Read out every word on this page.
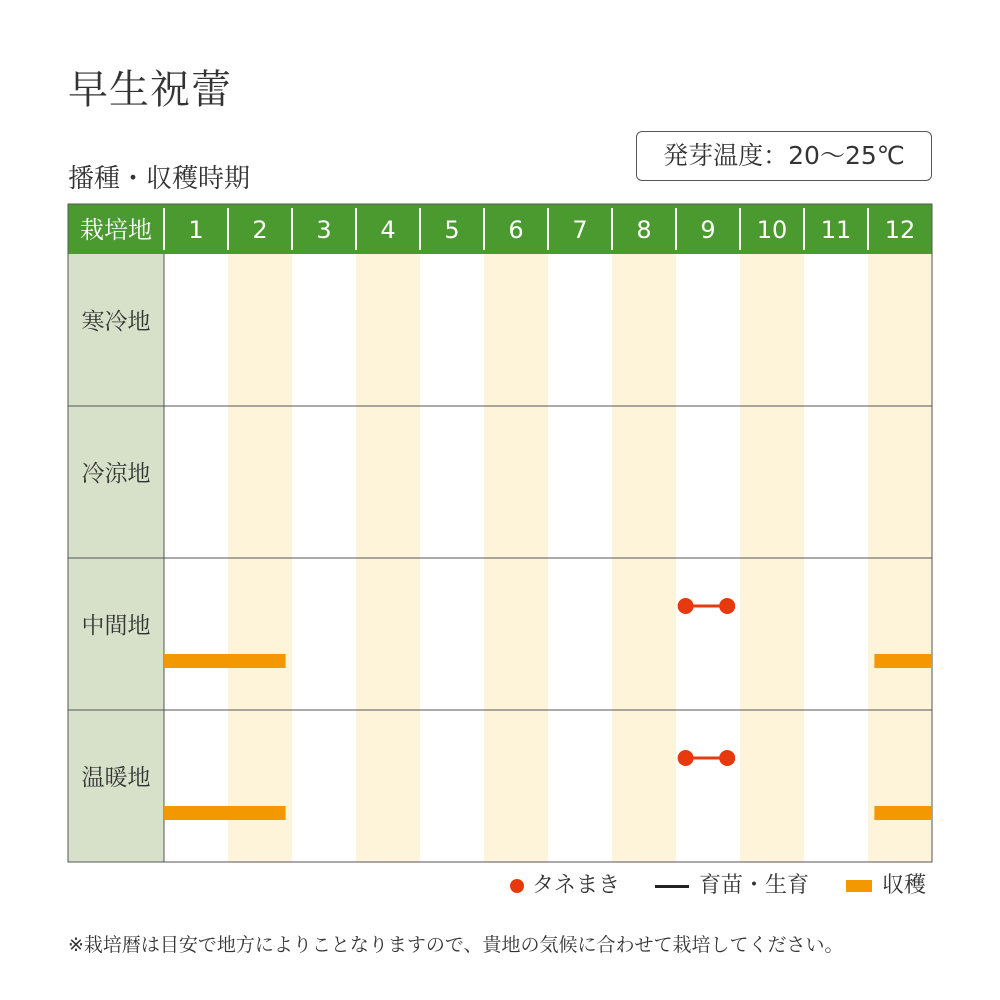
早生祝蕾
播種・収穫時期
発芽温度：20〜25℃
栽培地 1 2 3 4 5 6 7 8 9 10 11 12
寒冷地
冷涼地
中間地
温暖地
タネまき	育苗・生育	収穫
※栽培暦は目安で地方によりことなりますので、貴地の気候に合わせて栽培してください。
